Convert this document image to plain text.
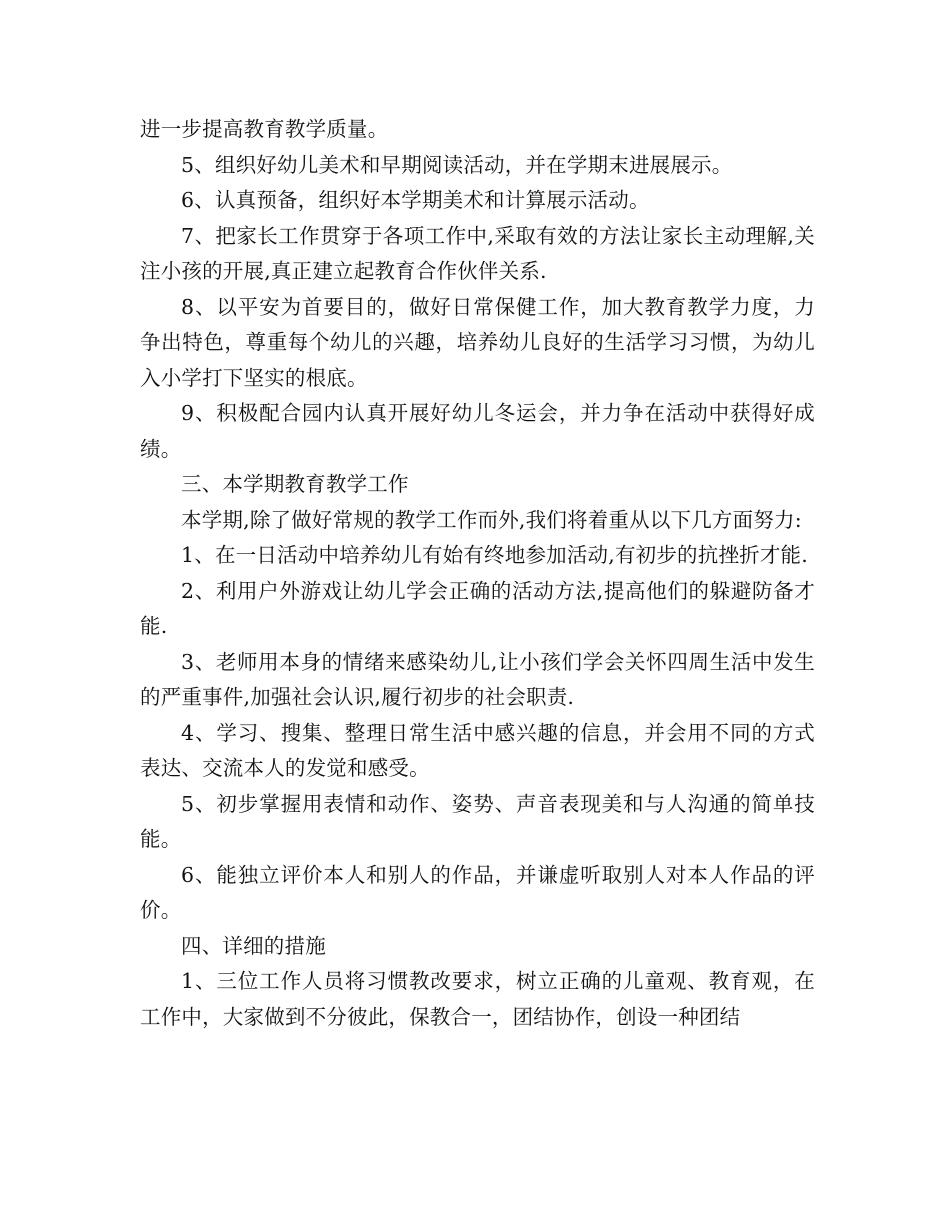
进一步提高教育教学质量。

5、组织好幼儿美术和早期阅读活动，并在学期末进展展示。

6、认真预备，组织好本学期美术和计算展示活动。

7、把家长工作贯穿于各项工作中,采取有效的方法让家长主动理解,关注小孩的开展,真正建立起教育合作伙伴关系.

8、以平安为首要目的，做好日常保健工作，加大教育教学力度，力争出特色，尊重每个幼儿的兴趣，培养幼儿良好的生活学习习惯，为幼儿入小学打下坚实的根底。

9、积极配合园内认真开展好幼儿冬运会，并力争在活动中获得好成绩。

三、本学期教育教学工作

本学期,除了做好常规的教学工作而外,我们将着重从以下几方面努力:

1、在一日活动中培养幼儿有始有终地参加活动,有初步的抗挫折才能.

2、利用户外游戏让幼儿学会正确的活动方法,提高他们的躲避防备才能.

3、老师用本身的情绪来感染幼儿,让小孩们学会关怀四周生活中发生的严重事件,加强社会认识,履行初步的社会职责.

4、学习、搜集、整理日常生活中感兴趣的信息，并会用不同的方式表达、交流本人的发觉和感受。

5、初步掌握用表情和动作、姿势、声音表现美和与人沟通的简单技能。

6、能独立评价本人和别人的作品，并谦虚听取别人对本人作品的评价。

四、详细的措施

1、三位工作人员将习惯教改要求，树立正确的儿童观、教育观，在工作中，大家做到不分彼此，保教合一，团结协作，创设一种团结
